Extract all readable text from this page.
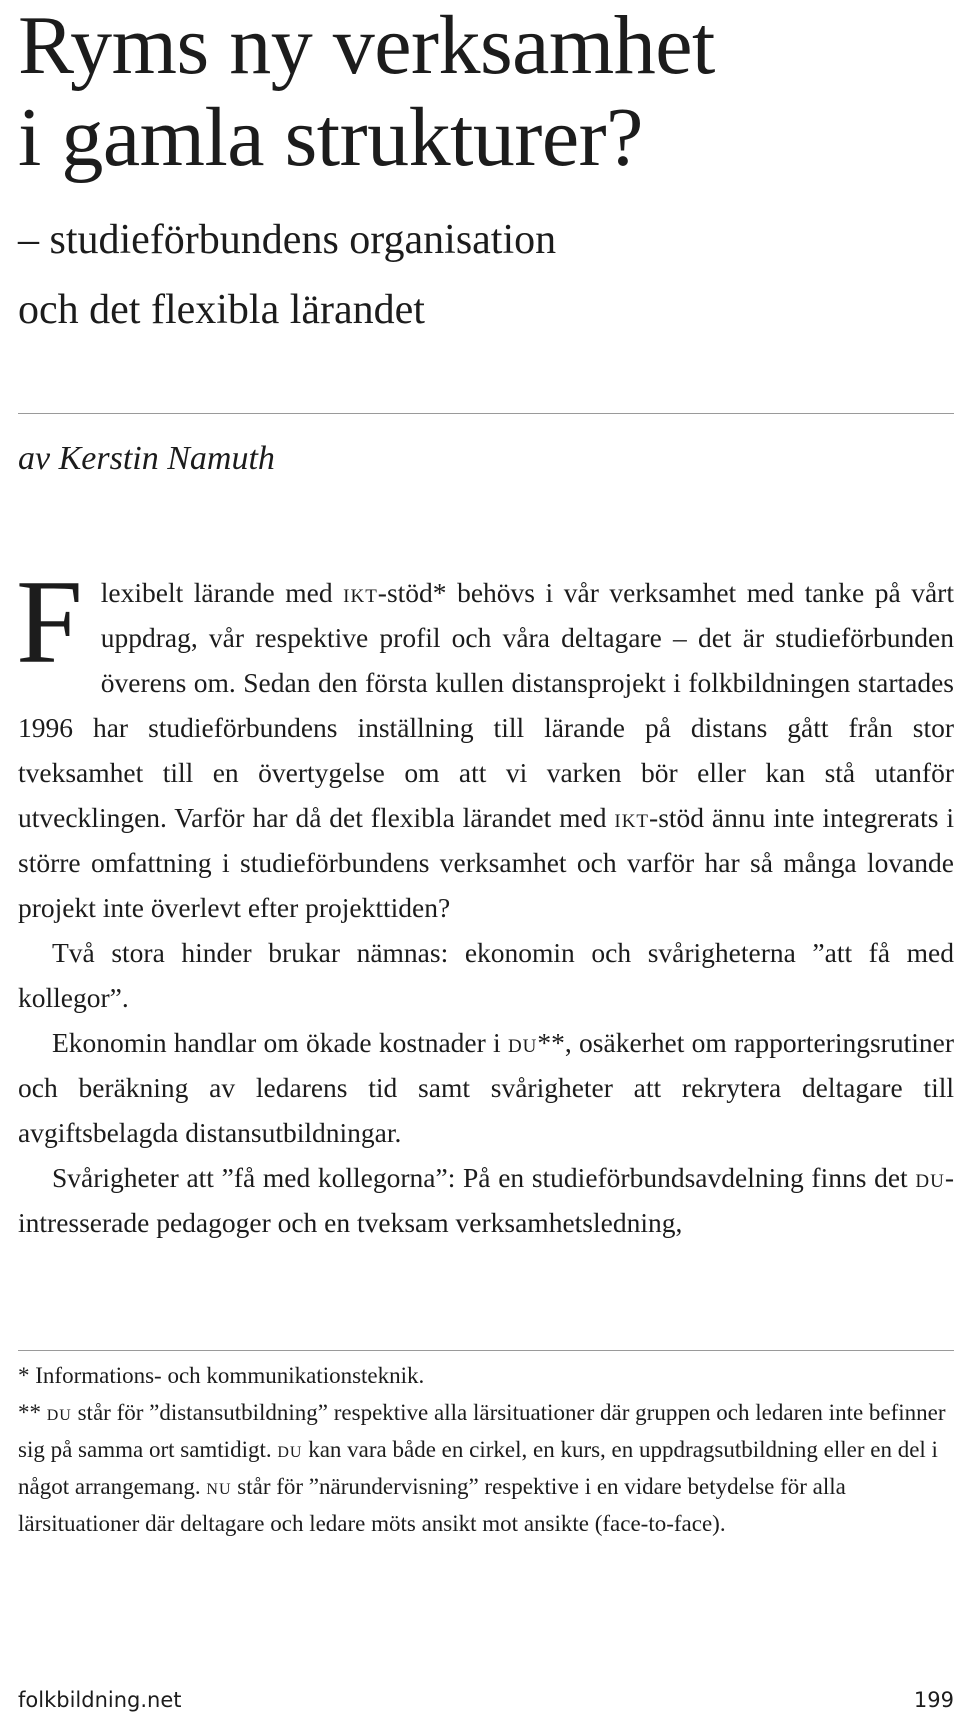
Ryms ny verksamhet
i gamla strukturer?
– studieförbundens organisation
och det flexibla lärandet

av Kerstin Namuth

Flexibelt lärande med ikt-stöd* behövs i vår verksamhet med tanke på vårt uppdrag, vår respektive profil och våra deltagare – det är studieförbunden överens om. Sedan den första kullen distansprojekt i folkbildningen startades 1996 har studieförbundens inställning till lärande på distans gått från stor tveksamhet till en övertygelse om att vi varken bör eller kan stå utanför utvecklingen. Varför har då det flexibla lärandet med ikt-stöd ännu inte integrerats i större omfattning i studieförbundens verksamhet och varför har så många lovande projekt inte överlevt efter projekttiden?

Två stora hinder brukar nämnas: ekonomin och svårigheterna ”att få med kollegor”.

Ekonomin handlar om ökade kostnader i du**, osäkerhet om rapporteringsrutiner och beräkning av ledarens tid samt svårigheter att rekrytera deltagare till avgiftsbelagda distansutbildningar.

Svårigheter att ”få med kollegorna”: På en studieförbundsavdelning finns det du-intresserade pedagoger och en tveksam verksamhetsledning,

* Informations- och kommunikationsteknik.

** du står för ”distansutbildning” respektive alla lärsituationer där gruppen och ledaren inte befinner sig på samma ort samtidigt. du kan vara både en cirkel, en kurs, en uppdragsutbildning eller en del i något arrangemang. nu står för ”närundervisning” respektive i en vidare betydelse för alla lärsituationer där deltagare och ledare möts ansikt mot ansikte (face-to-face).

folkbildning.net	199
